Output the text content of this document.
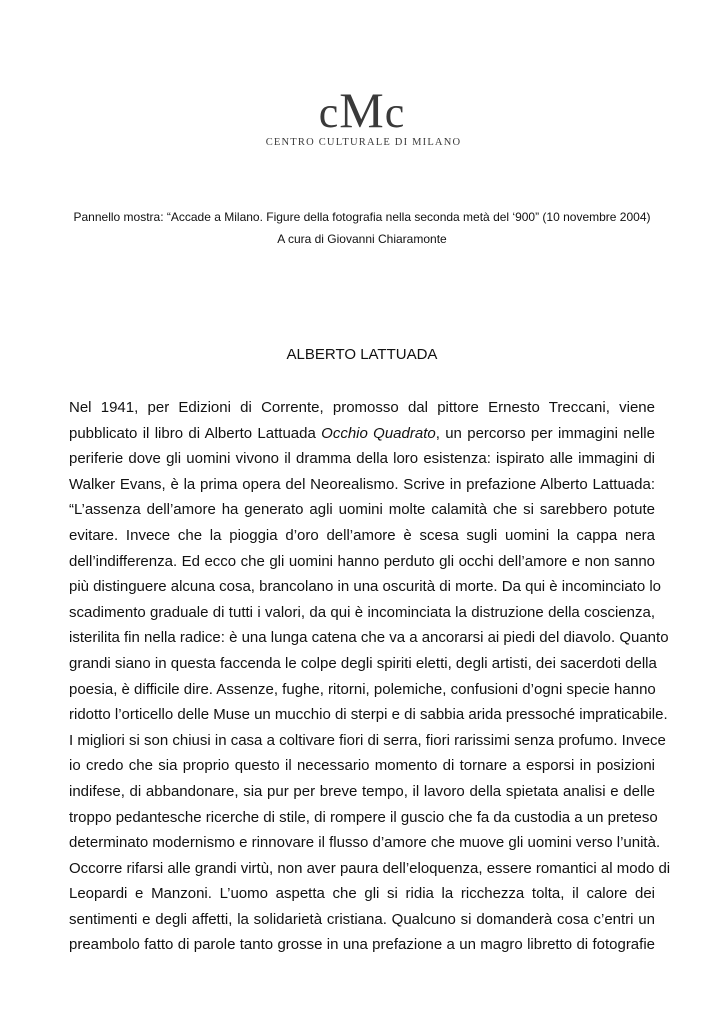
cMc
CENTRO CULTURALE DI MILANO
Pannello mostra: “Accade a Milano. Figure della fotografia nella seconda metà del ‘900” (10 novembre 2004)
A cura di Giovanni Chiaramonte
ALBERTO LATTUADA
Nel 1941, per Edizioni di Corrente, promosso dal pittore Ernesto Treccani, viene
pubblicato il libro di Alberto Lattuada Occhio Quadrato, un percorso per immagini nelle
periferie dove gli uomini vivono il dramma della loro esistenza: ispirato alle immagini di
Walker Evans, è la prima opera del Neorealismo. Scrive in prefazione Alberto Lattuada:
“L’assenza dell’amore ha generato agli uomini molte calamità che si sarebbero potute
evitare. Invece che la pioggia d’oro dell’amore è scesa sugli uomini la cappa nera
dell’indifferenza. Ed ecco che gli uomini hanno perduto gli occhi dell’amore e non sanno
più distinguere alcuna cosa, brancolano in una oscurità di morte. Da qui è incominciato lo
scadimento graduale di tutti i valori, da qui è incominciata la distruzione della coscienza,
isterilita fin nella radice: è una lunga catena che va a ancorarsi ai piedi del diavolo. Quanto
grandi siano in questa faccenda le colpe degli spiriti eletti, degli artisti, dei sacerdoti della
poesia, è difficile dire. Assenze, fughe, ritorni, polemiche, confusioni d’ogni specie hanno
ridotto l’orticello delle Muse un mucchio di sterpi e di sabbia arida pressoché impraticabile.
I migliori si son chiusi in casa a coltivare fiori di serra, fiori rarissimi senza profumo. Invece
io credo che sia proprio questo il necessario momento di tornare a esporsi in posizioni
indifese, di abbandonare, sia pur per breve tempo, il lavoro della spietata analisi e delle
troppo pedantesche ricerche di stile, di rompere il guscio che fa da custodia a un preteso
determinato modernismo e rinnovare il flusso d’amore che muove gli uomini verso l’unità.
Occorre rifarsi alle grandi virtù, non aver paura dell’eloquenza, essere romantici al modo di
Leopardi e Manzoni. L’uomo aspetta che gli si ridia la ricchezza tolta, il calore dei
sentimenti e degli affetti, la solidarietà cristiana. Qualcuno si domanderà cosa c’entri un
preambolo fatto di parole tanto grosse in una prefazione a un magro libretto di fotografie
